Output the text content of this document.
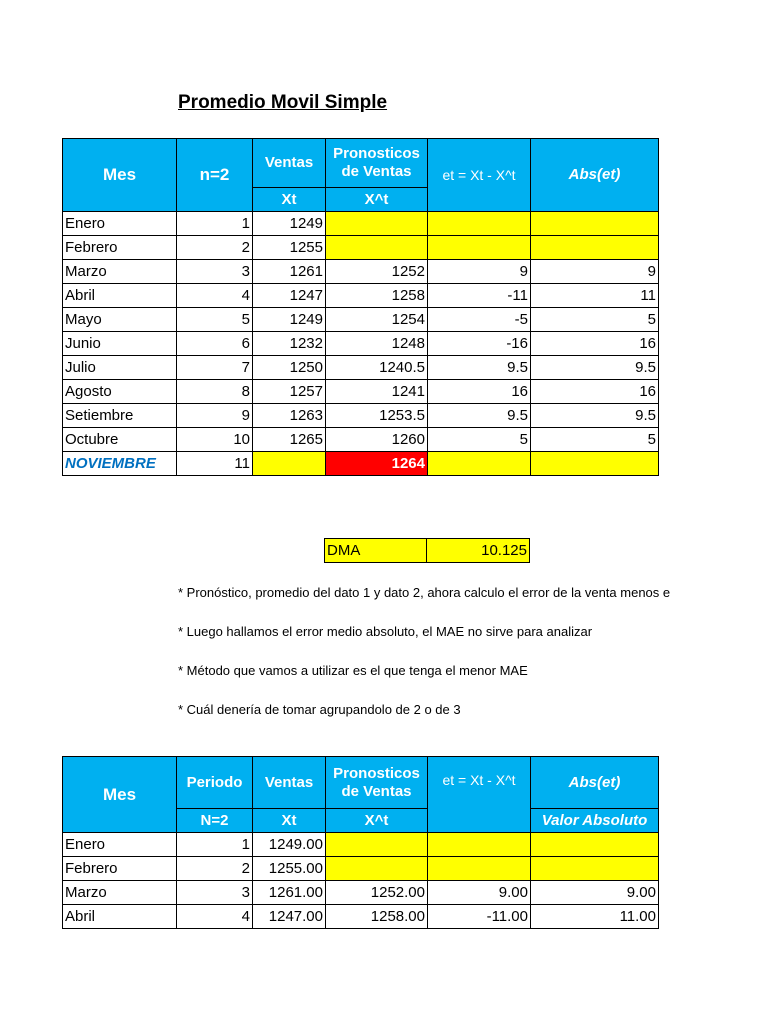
Promedio Movil Simple
Mes	n=2	Ventas	Pronosticos
de Ventas	et = Xt - X^t	Abs(et)
		Xt	X^t		
Enero	1	1249			
Febrero	2	1255			
Marzo	3	1261	1252	9	9
Abril	4	1247	1258	-11	11
Mayo	5	1249	1254	-5	5
Junio	6	1232	1248	-16	16
Julio	7	1250	1240.5	9.5	9.5
Agosto	8	1257	1241	16	16
Setiembre	9	1263	1253.5	9.5	9.5
Octubre	10	1265	1260	5	5
NOVIEMBRE	11		1264		
DMA	10.125
* Pronóstico, promedio del dato 1 y dato 2, ahora calculo el error de la venta menos e
* Luego hallamos el error medio absoluto, el MAE no sirve para analizar
* Método que vamos a utilizar es el que tenga el menor MAE
* Cuál denería de tomar agrupandolo de 2 o de 3
Mes	Periodo	Ventas	Pronosticos
de Ventas	et = Xt - X^t	Abs(et)
	N=2	Xt	X^t		Valor Absoluto
Enero	1	1249.00			
Febrero	2	1255.00			
Marzo	3	1261.00	1252.00	9.00	9.00
Abril	4	1247.00	1258.00	-11.00	11.00
